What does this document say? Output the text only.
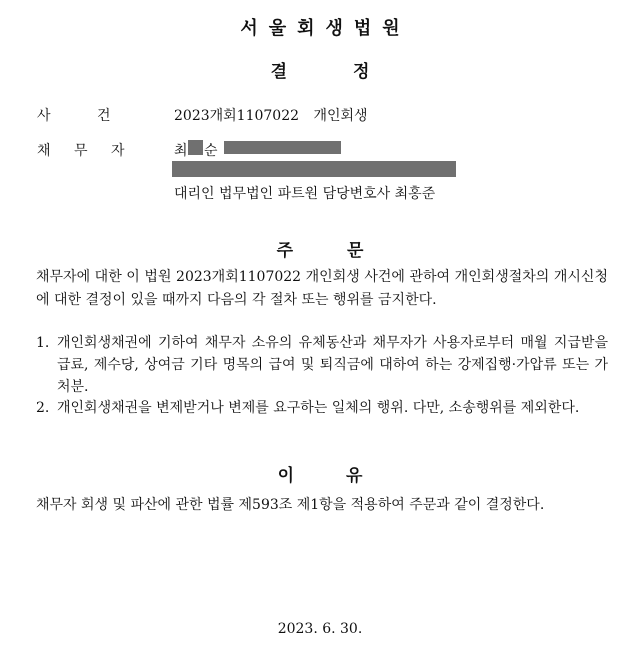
서울회생법원
결 정
사 건	2023개회1107022 개인회생
채 무 자	최 순
대리인 법무법인 파트원 담당변호사 최홍준
주 문
채무자에 대한 이 법원 2023개회1107022 개인회생 사건에 관하여 개인회생절차의 개시신청에 대한 결정이 있을 때까지 다음의 각 절차 또는 행위를 금지한다.
1. 개인회생채권에 기하여 채무자 소유의 유체동산과 채무자가 사용자로부터 매월 지급받을 급료, 제수당, 상여금 기타 명목의 급여 및 퇴직금에 대하여 하는 강제집행·가압류 또는 가처분.
2. 개인회생채권을 변제받거나 변제를 요구하는 일체의 행위. 다만, 소송행위를 제외한다.
이 유
채무자 회생 및 파산에 관한 법률 제593조 제1항을 적용하여 주문과 같이 결정한다.
2023. 6. 30.
